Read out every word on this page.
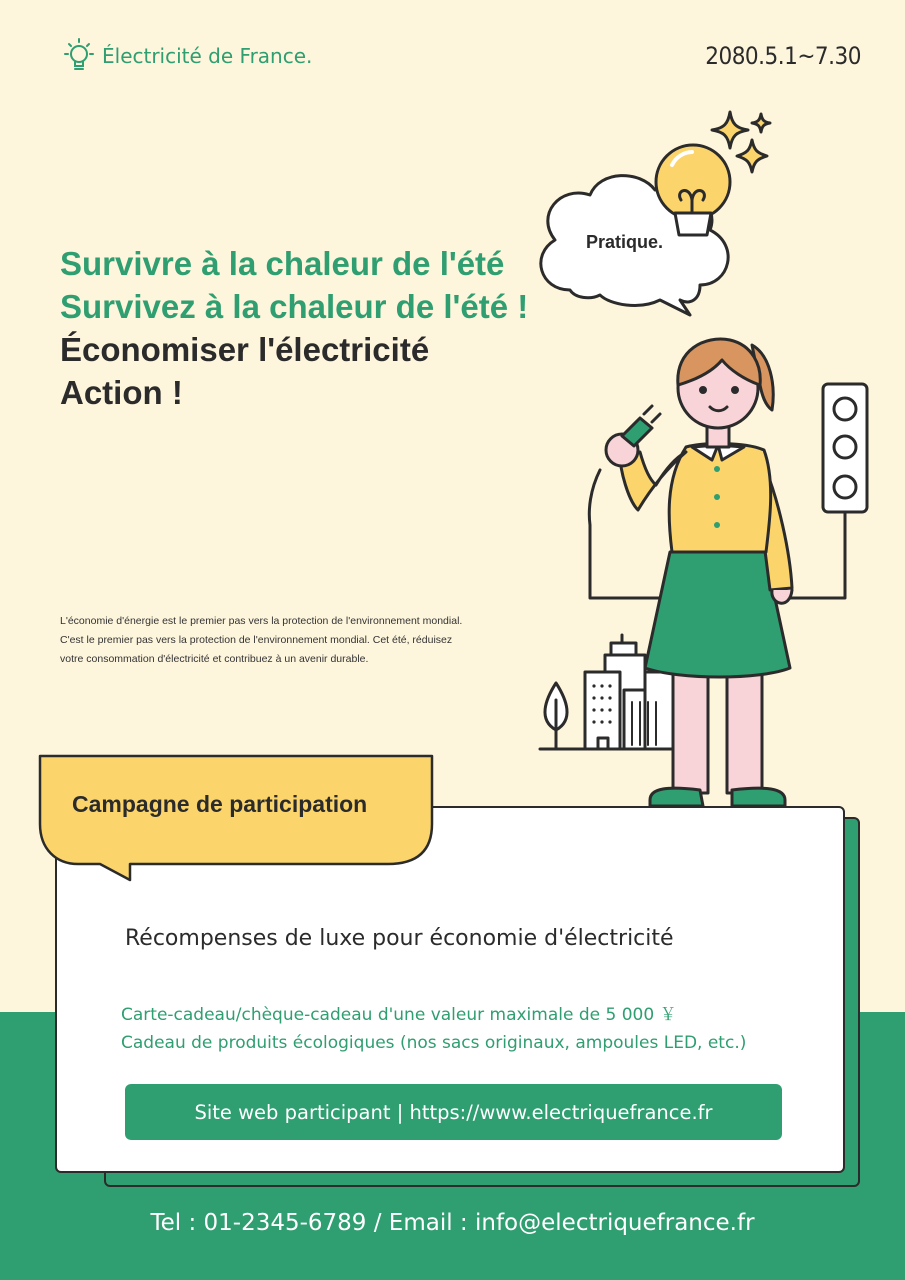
Électricité de France.	2080.5.1~7.30
Survivre à la chaleur de l'été
Survivez à la chaleur de l'été !
Économiser l'électricité
Action !

L'économie d'énergie est le premier pas vers la protection de l'environnement mondial.
C'est le premier pas vers la protection de l'environnement mondial. Cet été, réduisez
votre consommation d'électricité et contribuez à un avenir durable.

Pratique.
Campagne de participation
Récompenses de luxe pour économie d'électricité
Carte-cadeau/chèque-cadeau d'une valeur maximale de 5 000 ￥
Cadeau de produits écologiques (nos sacs originaux, ampoules LED, etc.)
Site web participant | https://www.electriquefrance.fr
Tel : 01-2345-6789 / Email : info@electriquefrance.fr
